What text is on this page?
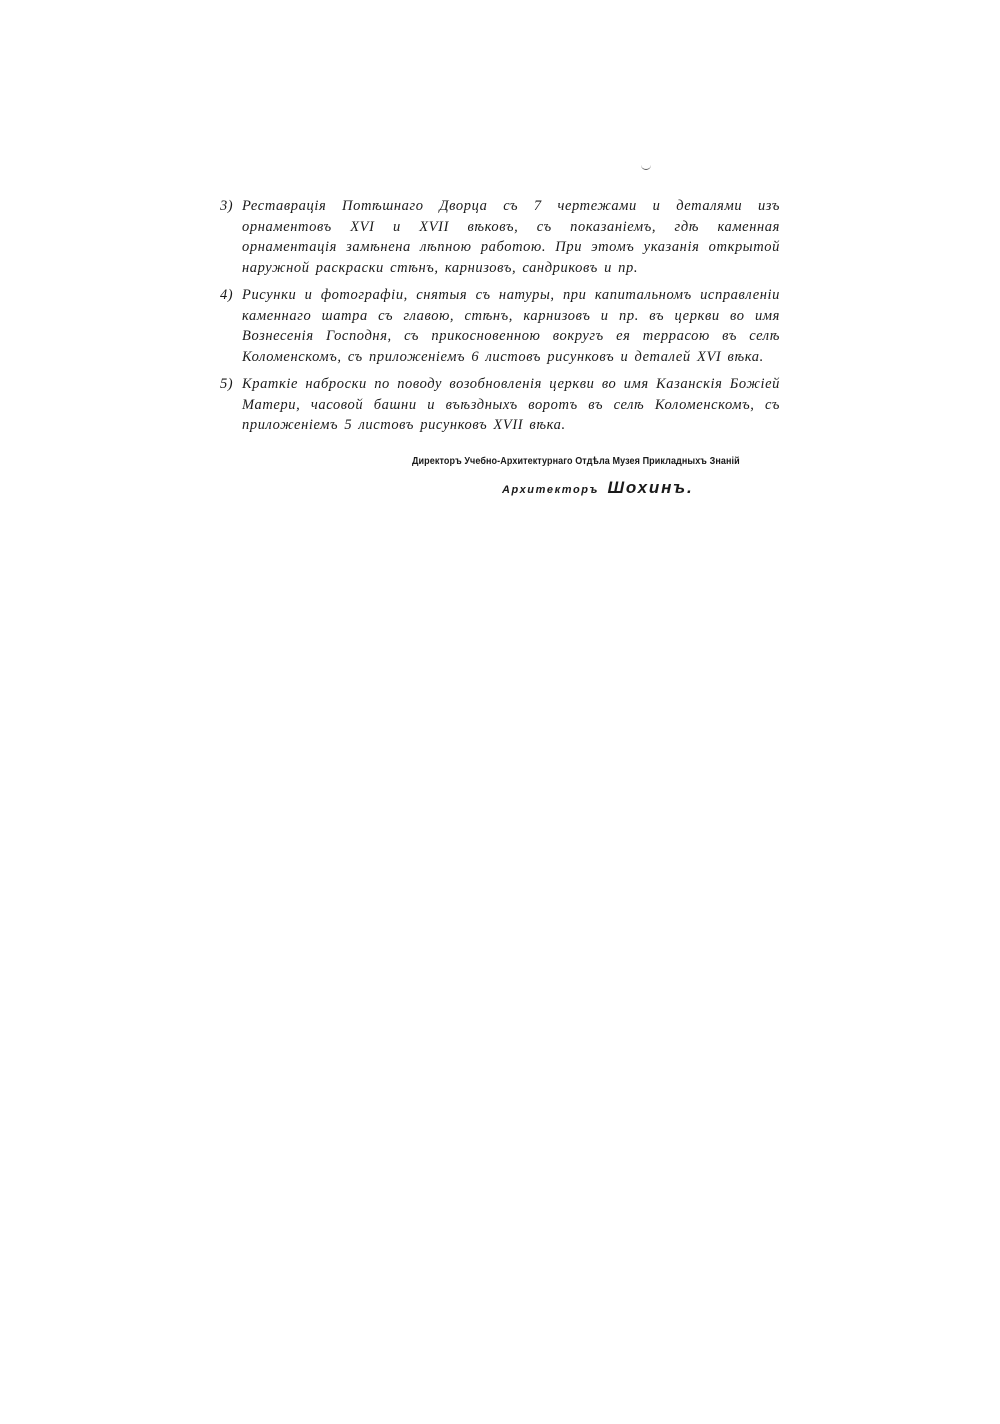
3) Реставрація Потѣшнаго Дворца съ 7 чертежами и деталями изъ орнаментовъ XVI и XVII вѣковъ, съ показаніемъ, гдѣ каменная орнаментація замѣнена лѣпною работою. При этомъ указанія открытой наружной раскраски стѣнъ, карнизовъ, сандриковъ и пр.
4) Рисунки и фотографіи, снятыя съ натуры, при капитальномъ исправленіи каменнаго шатра съ главою, стѣнъ, карнизовъ и пр. въ церкви во имя Вознесенія Господня, съ прикосновенною вокругъ ея террасою въ селѣ Коломенскомъ, съ приложеніемъ 6 листовъ рисунковъ и деталей XVI вѣка.
5) Краткіе наброски по поводу возобновленія церкви во имя Казанскія Божіей Матери, часовой башни и въѣздныхъ воротъ въ селѣ Коломенскомъ, съ приложеніемъ 5 листовъ рисунковъ XVII вѣка.
Директоръ Учебно-Архитектурнаго Отдѣла Музея Прикладныхъ Знаній
Архитекторъ Шохинъ.
